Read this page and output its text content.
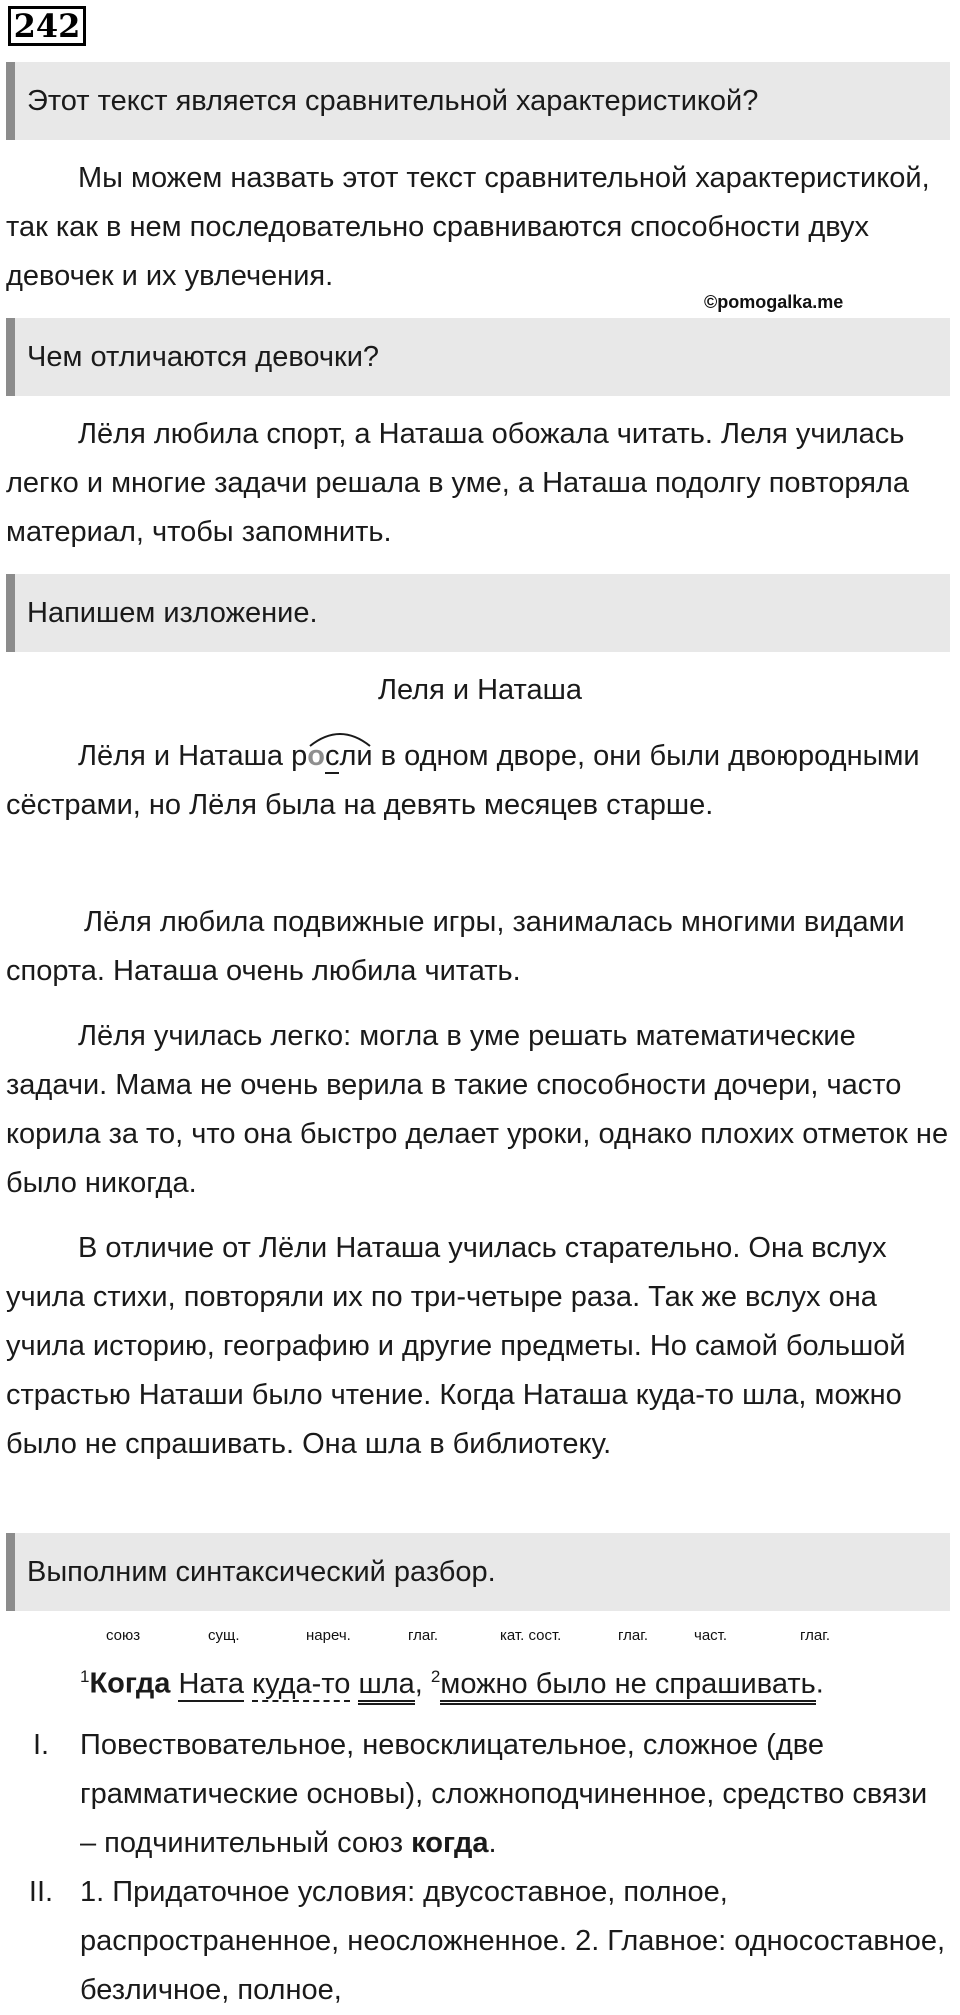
242
Этот текст является сравнительной характеристикой?

Мы можем назвать этот текст сравнительной характеристикой, так как в нем последовательно сравниваются способности двух девочек и их увлечения.

©pomogalka.me
Чем отличаются девочки?

Лёля любила спорт, а Наташа обожала читать. Леля училась легко и многие задачи решала в уме, а Наташа подолгу повторяла материал, чтобы запомнить.

Напишем изложение.
Леля и Наташа

Лёля и Наташа росли в одном дворе, они были двоюродными сёстрами, но Лёля была на девять месяцев старше.

Лёля любила подвижные игры, занималась многими видами спорта. Наташа очень любила читать.

Лёля училась легко: могла в уме решать математические задачи. Мама не очень верила в такие способности дочери, часто корила за то, что она быстро делает уроки, однако плохих отметок не было никогда.

В отличие от Лёли Наташа училась старательно. Она вслух учила стихи, повторяли их по три-четыре раза. Так же вслух она учила историю, географию и другие предметы. Но самой большой страстью Наташи было чтение. Когда Наташа куда-то шла, можно было не спрашивать. Она шла в библиотеку.

Выполним синтаксический разбор.
союз	сущ.	нареч.	глаг.	кат. сост.	глаг.	част.	глаг.
$^1$Когда Ната куда-то шла, $^2$можно было не спрашивать.
I.	Повествовательное, невосклицательное, сложное (две грамматические основы), сложноподчиненное, средство связи – подчинительный союз когда.

II. 1. Придаточное условия: двусоставное, полное, распространенное, неосложненное. 2. Главное: односоставное, безличное, полное,
